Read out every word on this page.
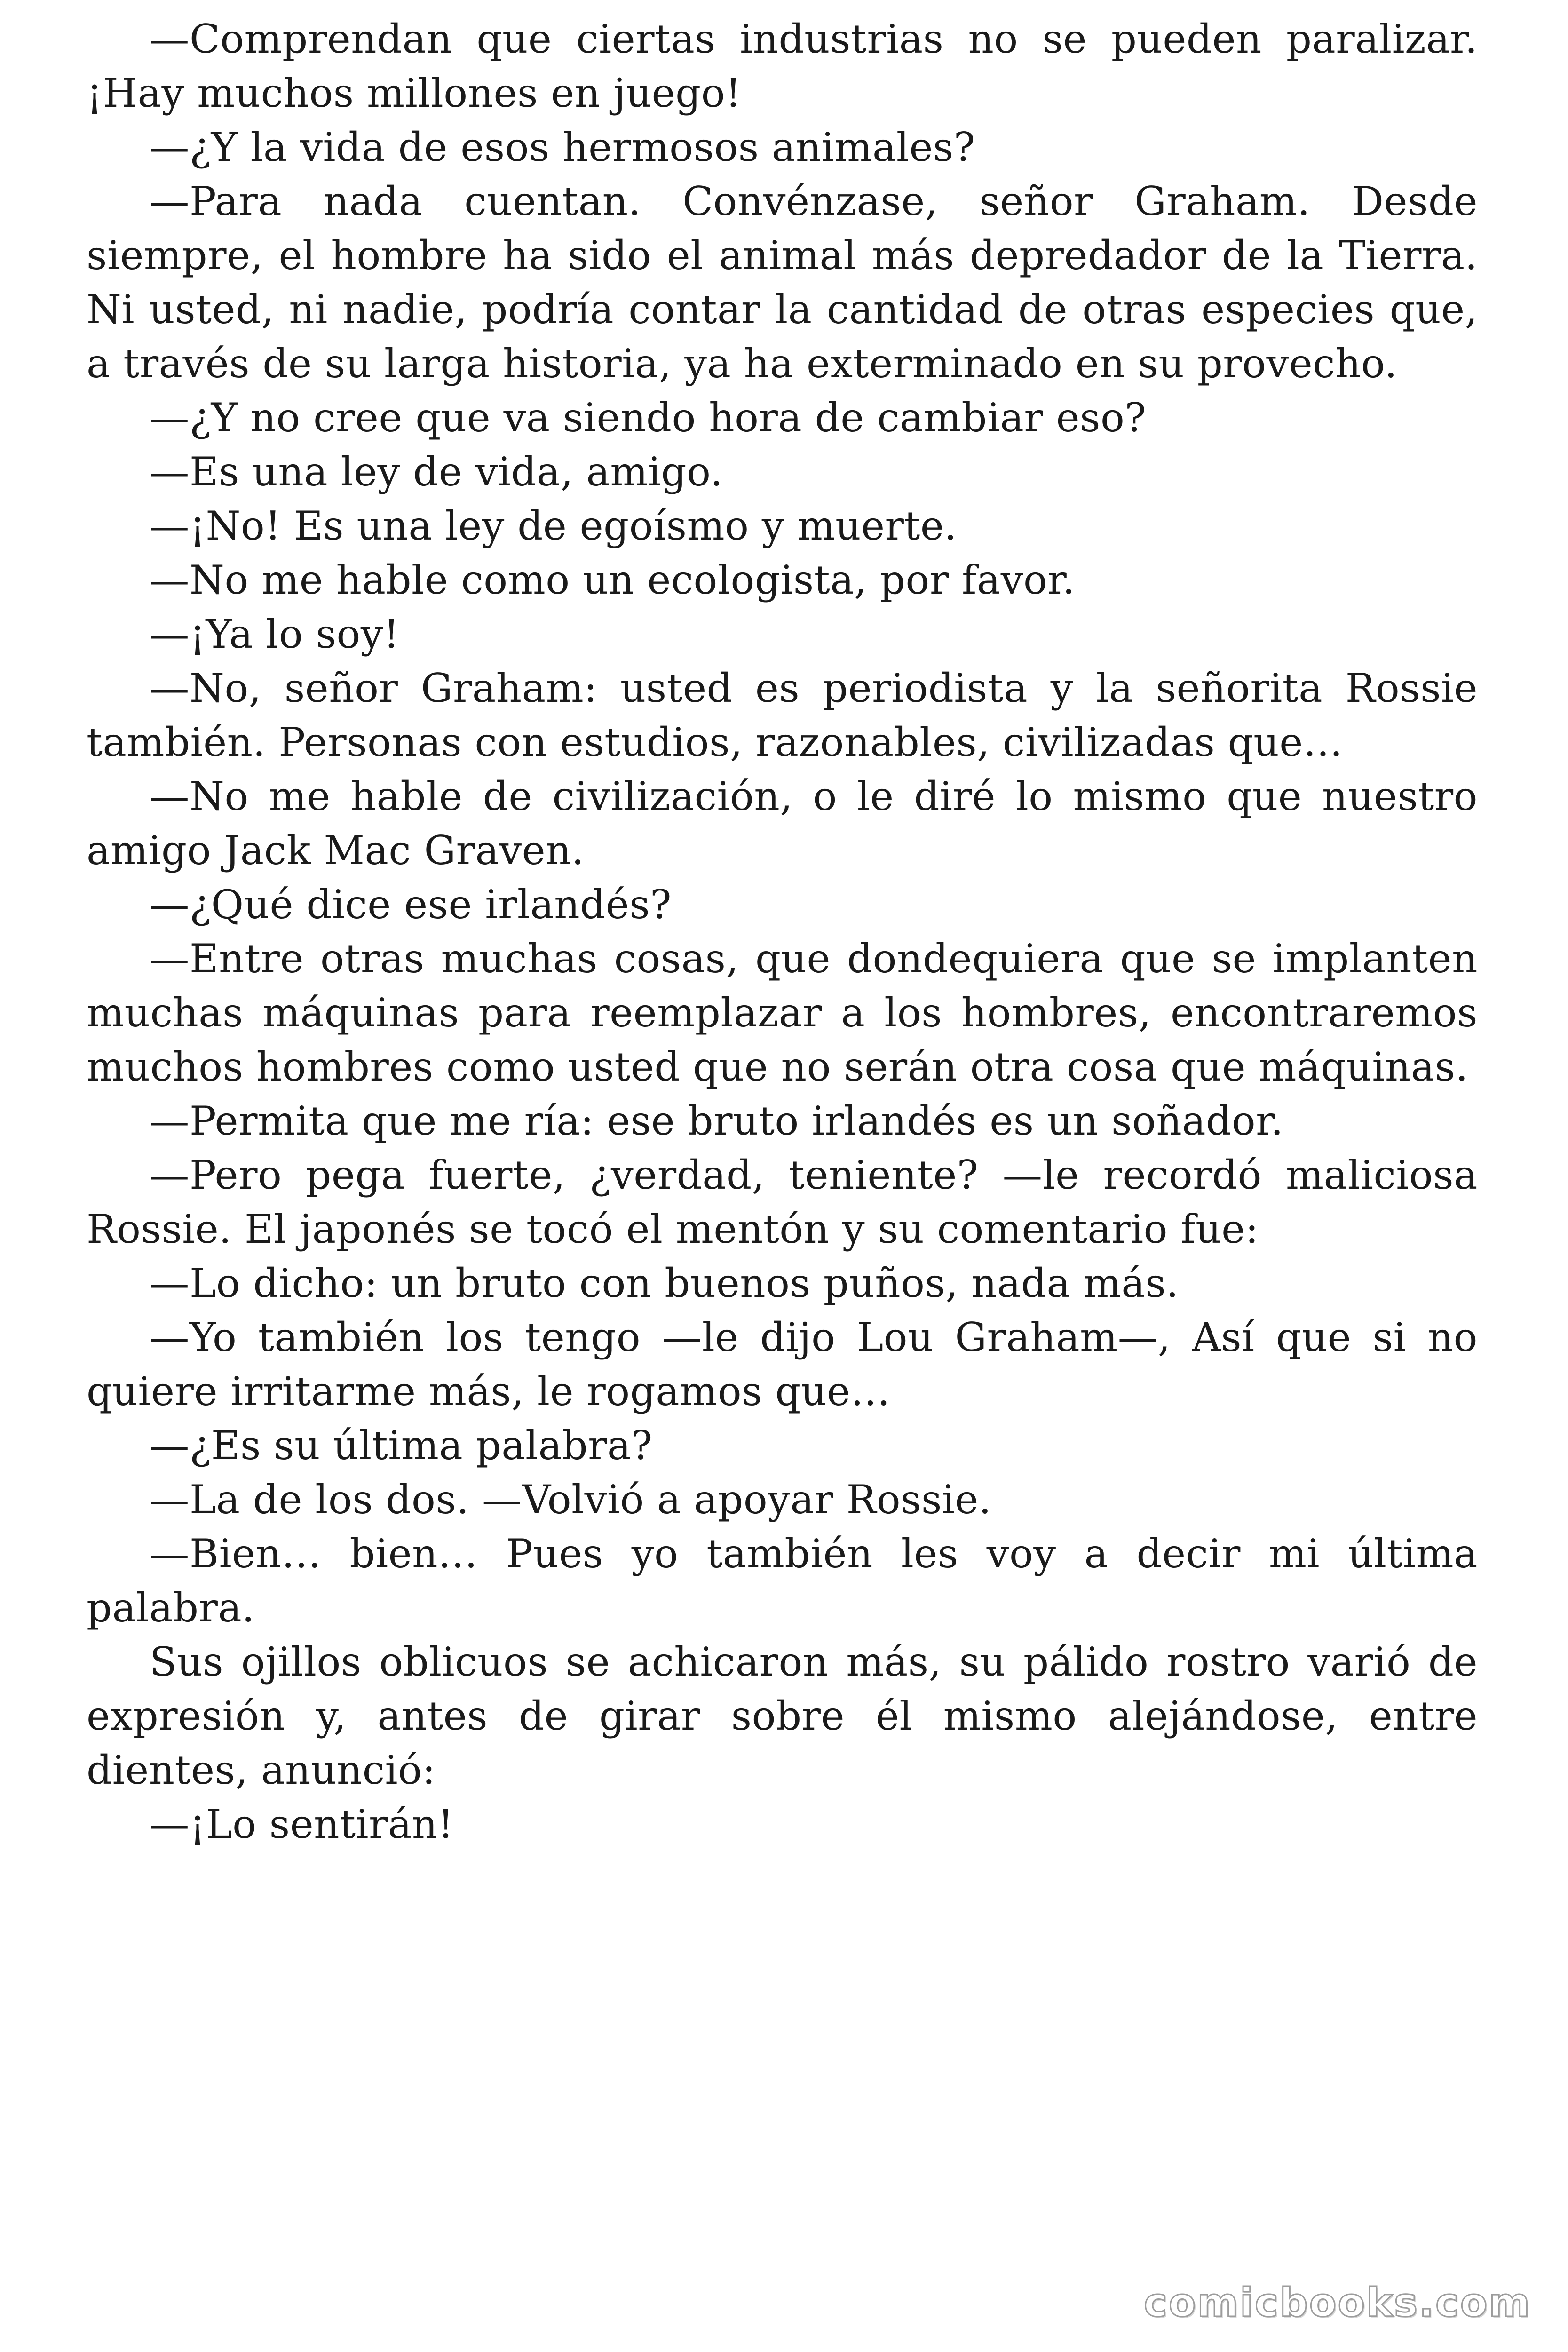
—Comprendan que ciertas industrias no se pueden paralizar. ¡Hay muchos millones en juego!

—¿Y la vida de esos hermosos animales?

—Para nada cuentan. Convénzase, señor Graham. Desde siempre, el hombre ha sido el animal más depredador de la Tierra. Ni usted, ni nadie, podría contar la cantidad de otras especies que, a través de su larga historia, ya ha exterminado en su provecho.

—¿Y no cree que va siendo hora de cambiar eso?

—Es una ley de vida, amigo.

—¡No! Es una ley de egoísmo y muerte.

—No me hable como un ecologista, por favor.

—¡Ya lo soy!

—No, señor Graham: usted es periodista y la señorita Rossie también. Personas con estudios, razonables, civilizadas que…

—No me hable de civilización, o le diré lo mismo que nuestro amigo Jack Mac Graven.

—¿Qué dice ese irlandés?

—Entre otras muchas cosas, que dondequiera que se implanten muchas máquinas para reemplazar a los hombres, encontraremos muchos hombres como usted que no serán otra cosa que máquinas.

—Permita que me ría: ese bruto irlandés es un soñador.

—Pero pega fuerte, ¿verdad, teniente? —le recordó maliciosa Rossie. El japonés se tocó el mentón y su comentario fue:

—Lo dicho: un bruto con buenos puños, nada más.

—Yo también los tengo —le dijo Lou Graham—, Así que si no quiere irritarme más, le rogamos que…

—¿Es su última palabra?

—La de los dos. —Volvió a apoyar Rossie.

—Bien… bien… Pues yo también les voy a decir mi última palabra.

Sus ojillos oblicuos se achicaron más, su pálido rostro varió de expresión y, antes de girar sobre él mismo alejándose, entre dientes, anunció:

—¡Lo sentirán!

comicbooks.com
